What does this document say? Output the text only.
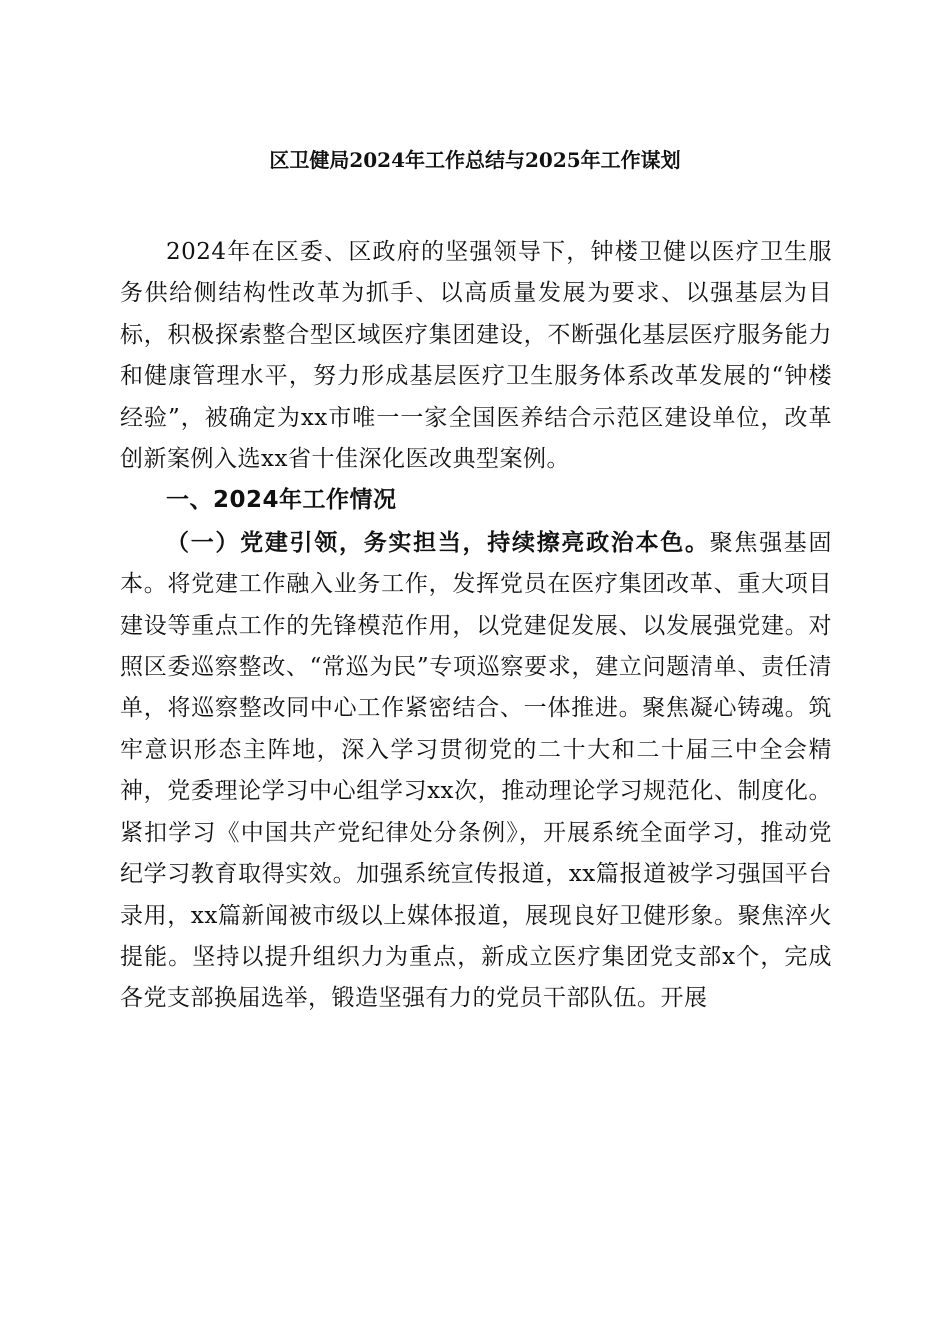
区卫健局2024年工作总结与2025年工作谋划

2024年在区委、区政府的坚强领导下，钟楼卫健以医疗卫生服务供给侧结构性改革为抓手、以高质量发展为要求、以强基层为目标，积极探索整合型区域医疗集团建设，不断强化基层医疗服务能力和健康管理水平，努力形成基层医疗卫生服务体系改革发展的“钟楼经验”，被确定为xx市唯一一家全国医养结合示范区建设单位，改革创新案例入选xx省十佳深化医改典型案例。

一、2024年工作情况

（一）党建引领，务实担当，持续擦亮政治本色。聚焦强基固本。将党建工作融入业务工作，发挥党员在医疗集团改革、重大项目建设等重点工作的先锋模范作用，以党建促发展、以发展强党建。对照区委巡察整改、“常巡为民”专项巡察要求，建立问题清单、责任清单，将巡察整改同中心工作紧密结合、一体推进。聚焦凝心铸魂。筑牢意识形态主阵地，深入学习贯彻党的二十大和二十届三中全会精神，党委理论学习中心组学习xx次，推动理论学习规范化、制度化。紧扣学习《中国共产党纪律处分条例》，开展系统全面学习，推动党纪学习教育取得实效。加强系统宣传报道，xx篇报道被学习强国平台录用，xx篇新闻被市级以上媒体报道，展现良好卫健形象。聚焦淬火提能。坚持以提升组织力为重点，新成立医疗集团党支部x个，完成各党支部换届选举，锻造坚强有力的党员干部队伍。开展
